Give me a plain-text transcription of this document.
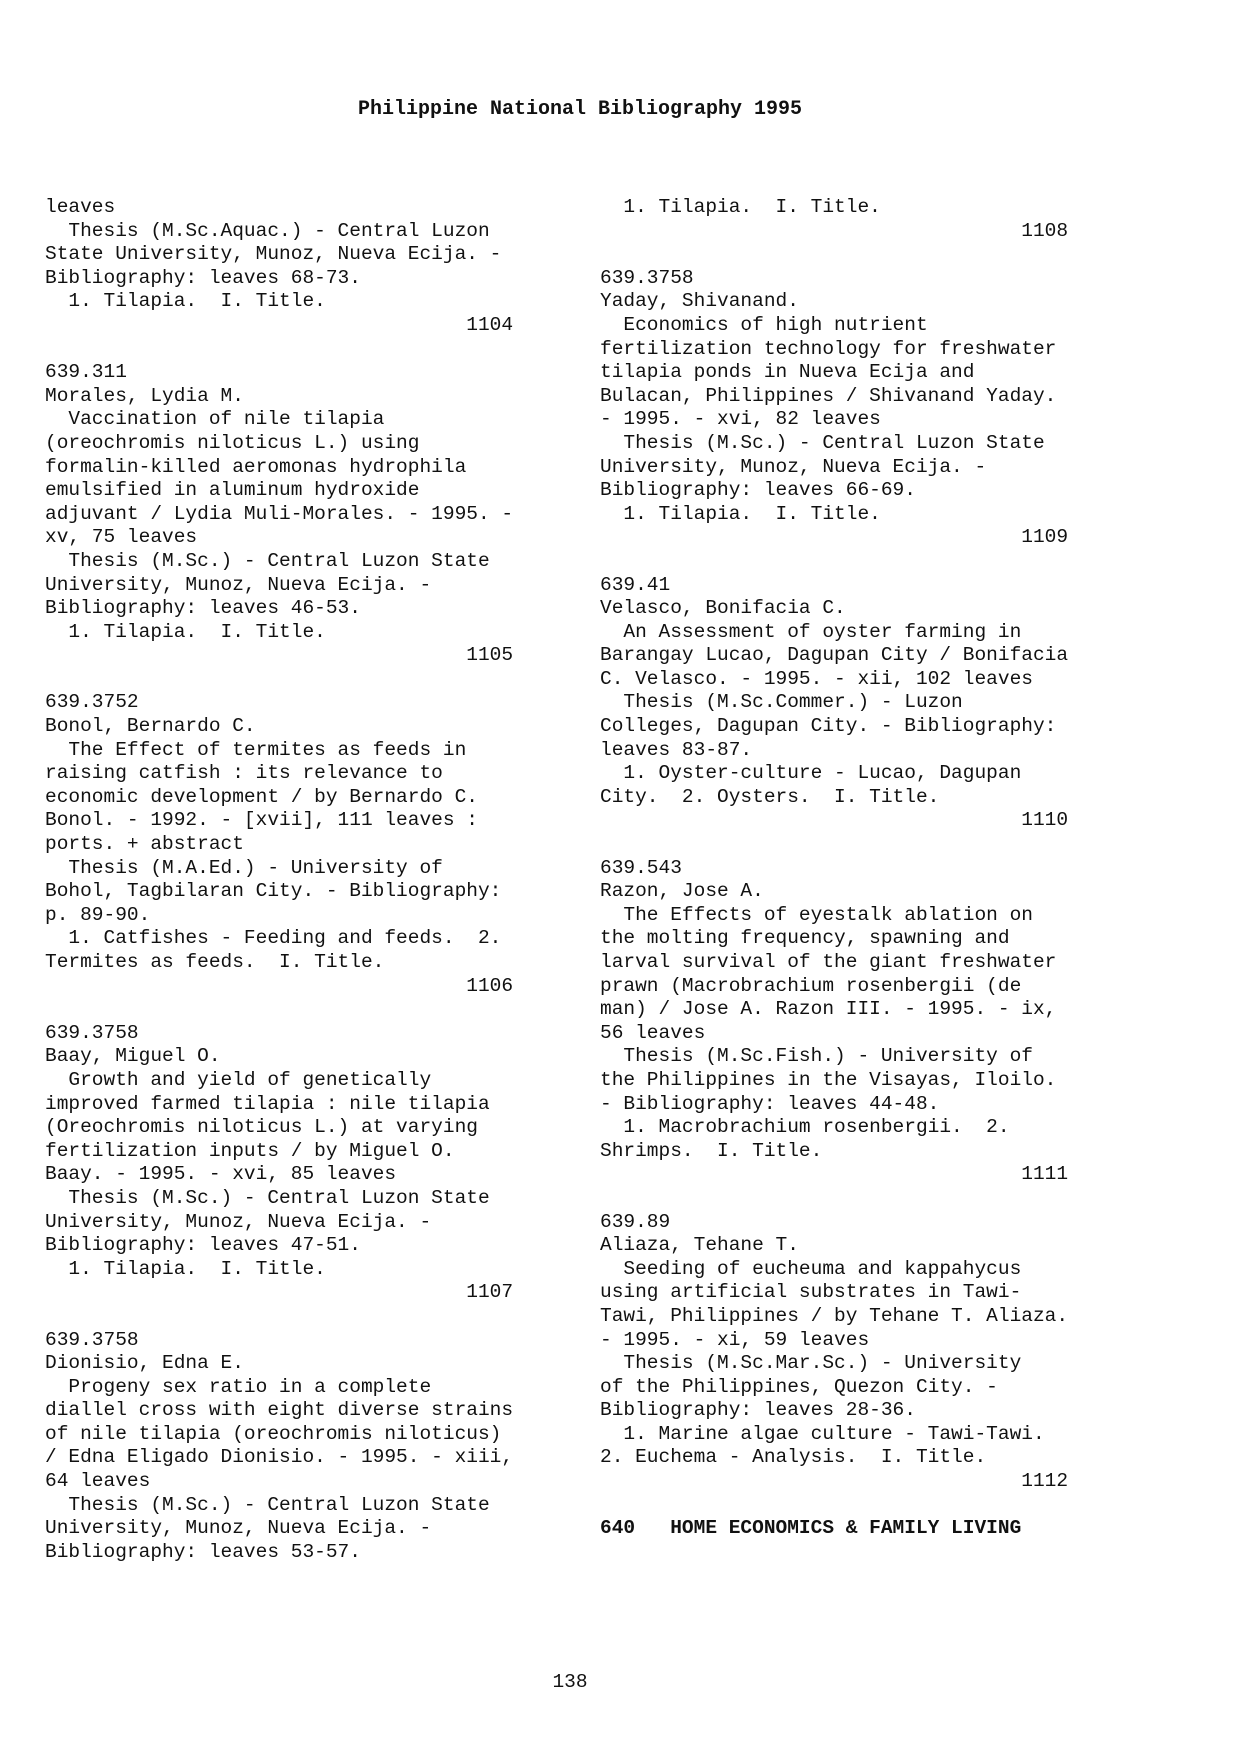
Philippine National Bibliography 1995
leaves
Thesis (M.Sc.Aquac.) - Central Luzon
State University, Munoz, Nueva Ecija. -
Bibliography: leaves 68-73.
1. Tilapia.  I. Title.
1104
639.311
Morales, Lydia M.
Vaccination of nile tilapia
(oreochromis niloticus L.) using
formalin-killed aeromonas hydrophila
emulsified in aluminum hydroxide
adjuvant / Lydia Muli-Morales. - 1995. -
xv, 75 leaves
Thesis (M.Sc.) - Central Luzon State
University, Munoz, Nueva Ecija. -
Bibliography: leaves 46-53.
1. Tilapia.  I. Title.
1105
639.3752
Bonol, Bernardo C.
The Effect of termites as feeds in
raising catfish : its relevance to
economic development / by Bernardo C.
Bonol. - 1992. - [xvii], 111 leaves :
ports. + abstract
Thesis (M.A.Ed.) - University of
Bohol, Tagbilaran City. - Bibliography:
p. 89-90.
1. Catfishes - Feeding and feeds.  2.
Termites as feeds.  I. Title.
1106
639.3758
Baay, Miguel O.
Growth and yield of genetically
improved farmed tilapia : nile tilapia
(Oreochromis niloticus L.) at varying
fertilization inputs / by Miguel O.
Baay. - 1995. - xvi, 85 leaves
Thesis (M.Sc.) - Central Luzon State
University, Munoz, Nueva Ecija. -
Bibliography: leaves 47-51.
1. Tilapia.  I. Title.
1107
639.3758
Dionisio, Edna E.
Progeny sex ratio in a complete
diallel cross with eight diverse strains
of nile tilapia (oreochromis niloticus)
/ Edna Eligado Dionisio. - 1995. - xiii,
64 leaves
Thesis (M.Sc.) - Central Luzon State
University, Munoz, Nueva Ecija. -
Bibliography: leaves 53-57.
1. Tilapia.  I. Title.
1108
639.3758
Yaday, Shivanand.
Economics of high nutrient
fertilization technology for freshwater
tilapia ponds in Nueva Ecija and
Bulacan, Philippines / Shivanand Yaday.
- 1995. - xvi, 82 leaves
Thesis (M.Sc.) - Central Luzon State
University, Munoz, Nueva Ecija. -
Bibliography: leaves 66-69.
1. Tilapia.  I. Title.
1109
639.41
Velasco, Bonifacia C.
An Assessment of oyster farming in
Barangay Lucao, Dagupan City / Bonifacia
C. Velasco. - 1995. - xii, 102 leaves
Thesis (M.Sc.Commer.) - Luzon
Colleges, Dagupan City. - Bibliography:
leaves 83-87.
1. Oyster-culture - Lucao, Dagupan
City.  2. Oysters.  I. Title.
1110
639.543
Razon, Jose A.
The Effects of eyestalk ablation on
the molting frequency, spawning and
larval survival of the giant freshwater
prawn (Macrobrachium rosenbergii (de
man) / Jose A. Razon III. - 1995. - ix,
56 leaves
Thesis (M.Sc.Fish.) - University of
the Philippines in the Visayas, Iloilo.
- Bibliography: leaves 44-48.
1. Macrobrachium rosenbergii.  2.
Shrimps.  I. Title.
1111
639.89
Aliaza, Tehane T.
Seeding of eucheuma and kappahycus
using artificial substrates in Tawi-
Tawi, Philippines / by Tehane T. Aliaza.
- 1995. - xi, 59 leaves
Thesis (M.Sc.Mar.Sc.) - University
of the Philippines, Quezon City. -
Bibliography: leaves 28-36.
1. Marine algae culture - Tawi-Tawi.
2. Euchema - Analysis.  I. Title.
1112
640   HOME ECONOMICS & FAMILY LIVING
138
